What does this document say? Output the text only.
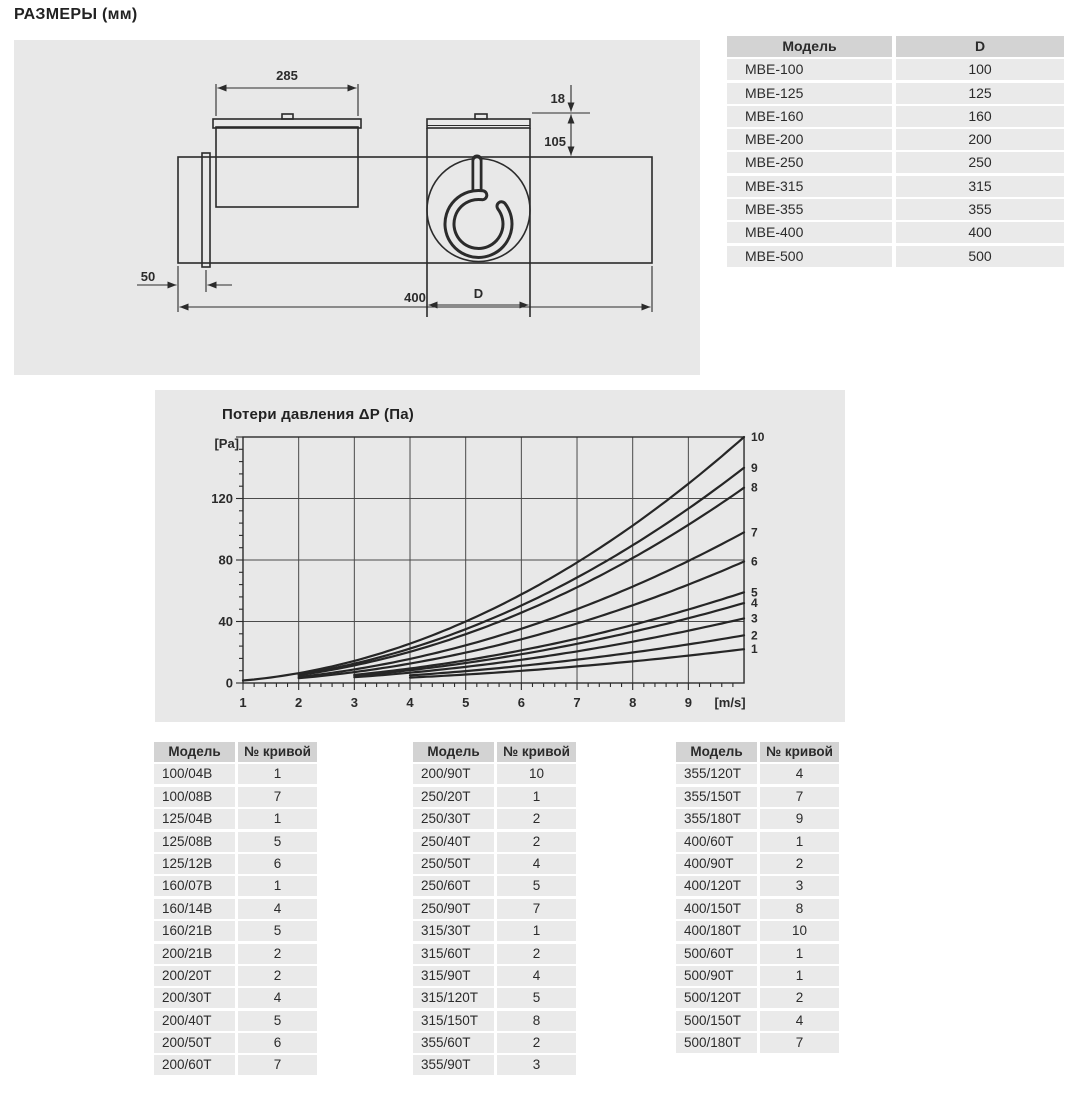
РАЗМЕРЫ (мм)
285
50
400
18
105
D
Модель	D
МВЕ-100	100
МВЕ-125	125
МВЕ-160	160
МВЕ-200	200
МВЕ-250	250
МВЕ-315	315
МВЕ-355	355
МВЕ-400	400
МВЕ-500	500
Потери давления ΔP (Па)
1	2	3	4	5	6	7	8	9 [m/s]
0
40
80
120
[Pa]
1
2
3
4
5
6
7
8
9
10
Модель	№ кривой
100/04В	1
100/08В	7
125/04В	1
125/08В	5
125/12В	6
160/07В	1
160/14В	4
160/21В	5
200/21В	2
200/20Т	2
200/30Т	4
200/40Т	5
200/50Т	6
200/60Т	7
Модель	№ кривой
200/90Т	10
250/20Т	1
250/30Т	2
250/40Т	2
250/50Т	4
250/60Т	5
250/90Т	7
315/30Т	1
315/60Т	2
315/90Т	4
315/120Т	5
315/150Т	8
355/60Т	2
355/90Т	3
Модель	№ кривой
355/120Т	4
355/150Т	7
355/180Т	9
400/60Т	1
400/90Т	2
400/120Т	3
400/150Т	8
400/180Т	10
500/60Т	1
500/90Т	1
500/120Т	2
500/150Т	4
500/180Т	7
